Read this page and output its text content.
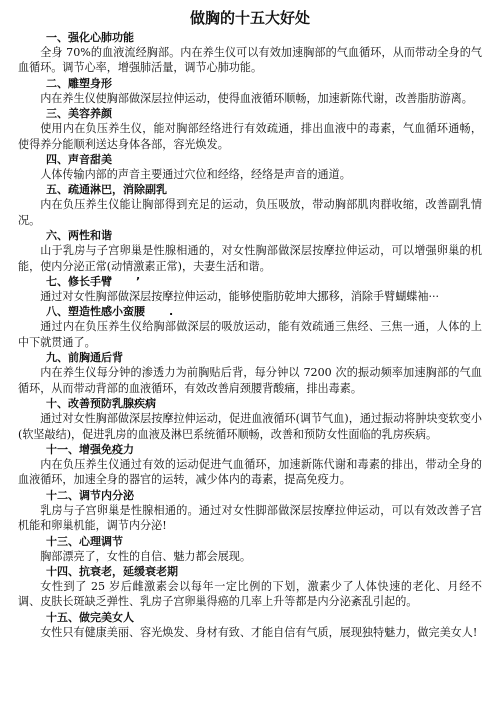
做胸的十五大好处
一、强化心肺功能

全身 70%的血液流经胸部。内在养生仪可以有效加速胸部的气血循环，从而带动全身的气血循环。调节心率，增强肺活量，调节心肺功能。

二、雕塑身形

内在养生仪使胸部做深层拉伸运动，使得血液循环顺畅，加速新陈代谢，改善脂肪游离。

三、美容养颜

使用内在负压养生仪，能对胸部经络进行有效疏通，排出血液中的毒素，气血循环通畅，使得养分能顺利送达身体各部，容光焕发。

四、声音甜美

人体传输内部的声音主要通过穴位和经络，经络是声音的通道。

五、疏通淋巴，消除副乳

内在负压养生仪能让胸部得到充足的运动，负压吸放，带动胸部肌肉群收缩，改善副乳情况。

六、两性和谐

山于乳房与子宫卵巢是性腺相通的，对女性胸部做深层按摩拉伸运动，可以增强卵巢的机能，使内分泌正常(动情激素正常)，夫妻生活和谐。

七、修长手臂 ’

通过对女性胸部做深层按摩拉伸运动，能够使脂肪乾坤大挪移，消除手臂蝴蝶袖···

八、塑造性感小蛮腰 .

通过内在负压养生仪给胸部做深层的吸放运动，能有效疏通三焦经、三焦一通，人体的上中下就贯通了。

九、前胸通后背

内在养生仪每分钟的渗透力为前胸贴后背，每分钟以 7200 次的振动频率加速胸部的气血循环，从而带动背部的血液循环，有效改善肩颈腰背酸痛，排出毒素。

十、改善预防乳腺疾病

通过对女性胸部做深层按摩拉伸运动，促进血液循环(调节气血)，通过振动将肿块变软变小(软坚敲结)，促进乳房的血液及淋巴系统循环顺畅，改善和预防女性面临的乳房疾病。

十一、增强免疫力

内在负压养生仪通过有效的运动促进气血循环，加速新陈代谢和毒素的排出，带动全身的血液循环，加速全身的器官的运转，减少体内的毒素，提高免疫力。

十二、调节内分泌

乳房与子宫卵巢是性腺相通的。通过对女性脚部做深层按摩拉伸运动，可以有效改善子宫机能和卵巢机能，调节内分泌!

十三、心理调节

胸部漂亮了，女性的自信、魅力都会展现。

十四、抗衰老，延缓衰老期

女性到了 25 岁后雌激素会以每年一定比例的下划，激素少了人体快速的老化、月经不调、皮肤长斑缺乏弹性、乳房子宫卵巢得癌的几率上升等都是内分泌紊乱引起的。

十五、做完美女人

女性只有健康美丽、容光焕发、身材有致、才能自信有气质，展现独特魅力，做完美女人!
